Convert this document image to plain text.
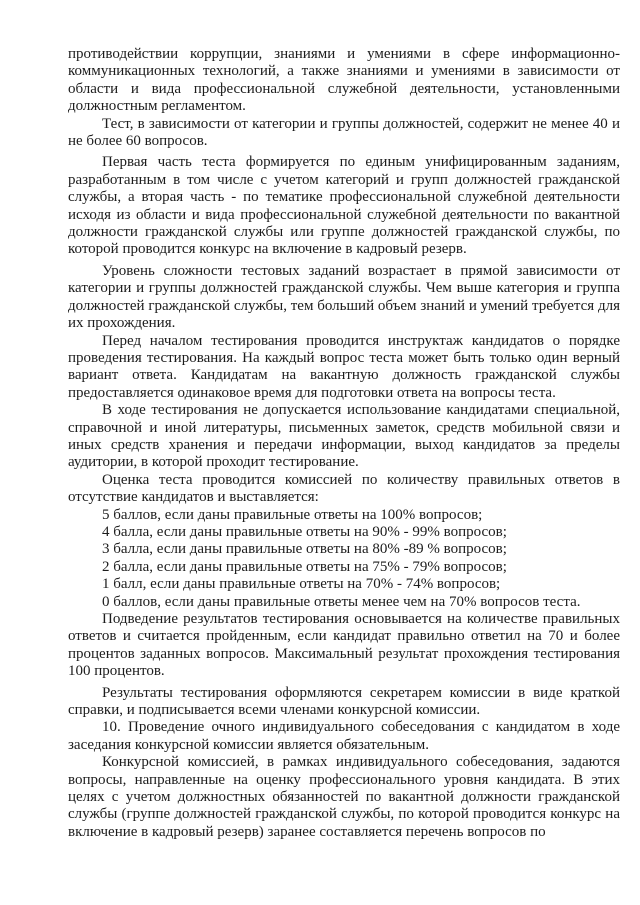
противодействии коррупции, знаниями и умениями в сфере информационно-коммуникационных технологий, а также знаниями и умениями в зависимости от области и вида профессиональной служебной деятельности, установленными должностным регламентом.

Тест, в зависимости от категории и группы должностей, содержит не менее 40 и не более 60 вопросов.

Первая часть теста формируется по единым унифицированным заданиям, разработанным в том числе с учетом категорий и групп должностей гражданской службы, а вторая часть - по тематике профессиональной служебной деятельности исходя из области и вида профессиональной служебной деятельности по вакантной должности гражданской службы или группе должностей гражданской службы, по которой проводится конкурс на включение в кадровый резерв.

Уровень сложности тестовых заданий возрастает в прямой зависимости от категории и группы должностей гражданской службы. Чем выше категория и группа должностей гражданской службы, тем больший объем знаний и умений требуется для их прохождения.

Перед началом тестирования проводится инструктаж кандидатов о порядке проведения тестирования. На каждый вопрос теста может быть только один верный вариант ответа. Кандидатам на вакантную должность гражданской службы предоставляется одинаковое время для подготовки ответа на вопросы теста.

В ходе тестирования не допускается использование кандидатами специальной, справочной и иной литературы, письменных заметок, средств мобильной связи и иных средств хранения и передачи информации, выход кандидатов за пределы аудитории, в которой проходит тестирование.

Оценка теста проводится комиссией по количеству правильных ответов в отсутствие кандидатов и выставляется:

5 баллов, если даны правильные ответы на 100% вопросов;
4 балла, если даны правильные ответы на 90% - 99% вопросов;
3 балла, если даны правильные ответы на 80% -89 % вопросов;
2 балла, если даны правильные ответы на 75% - 79% вопросов;
1 балл, если даны правильные ответы на 70% - 74% вопросов;
0 баллов, если даны правильные ответы менее чем на 70% вопросов теста.

Подведение результатов тестирования основывается на количестве правильных ответов и считается пройденным, если кандидат правильно ответил на 70 и более процентов заданных вопросов. Максимальный результат прохождения тестирования 100 процентов.

Результаты тестирования оформляются секретарем комиссии в виде краткой справки, и подписывается всеми членами конкурсной комиссии.

10. Проведение очного индивидуального собеседования с кандидатом в ходе заседания конкурсной комиссии является обязательным.

Конкурсной комиссией, в рамках индивидуального собеседования, задаются вопросы, направленные на оценку профессионального уровня кандидата. В этих целях с учетом должностных обязанностей по вакантной должности гражданской службы (группе должностей гражданской службы, по которой проводится конкурс на включение в кадровый резерв) заранее составляется перечень вопросов по
